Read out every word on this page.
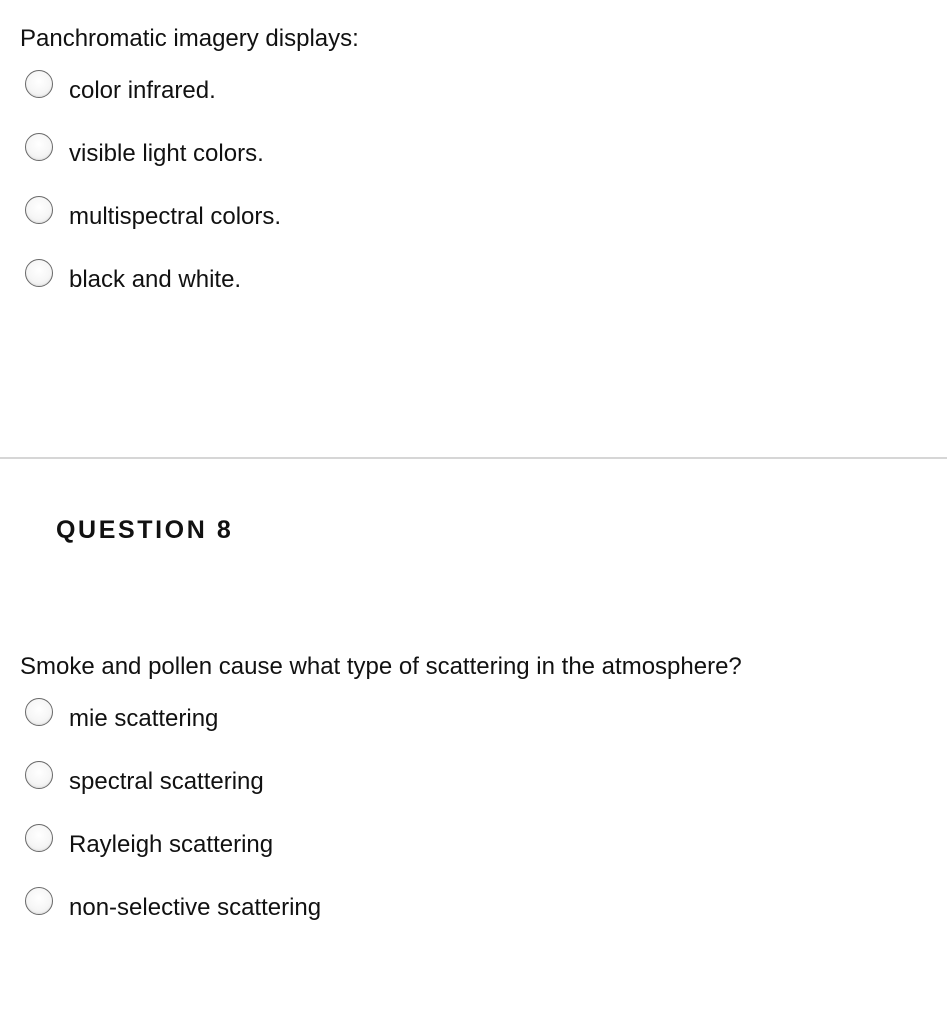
Panchromatic imagery displays:
color infrared.
visible light colors.
multispectral colors.
black and white.
QUESTION 8
Smoke and pollen cause what type of scattering in the atmosphere?
mie scattering
spectral scattering
Rayleigh scattering
non-selective scattering
